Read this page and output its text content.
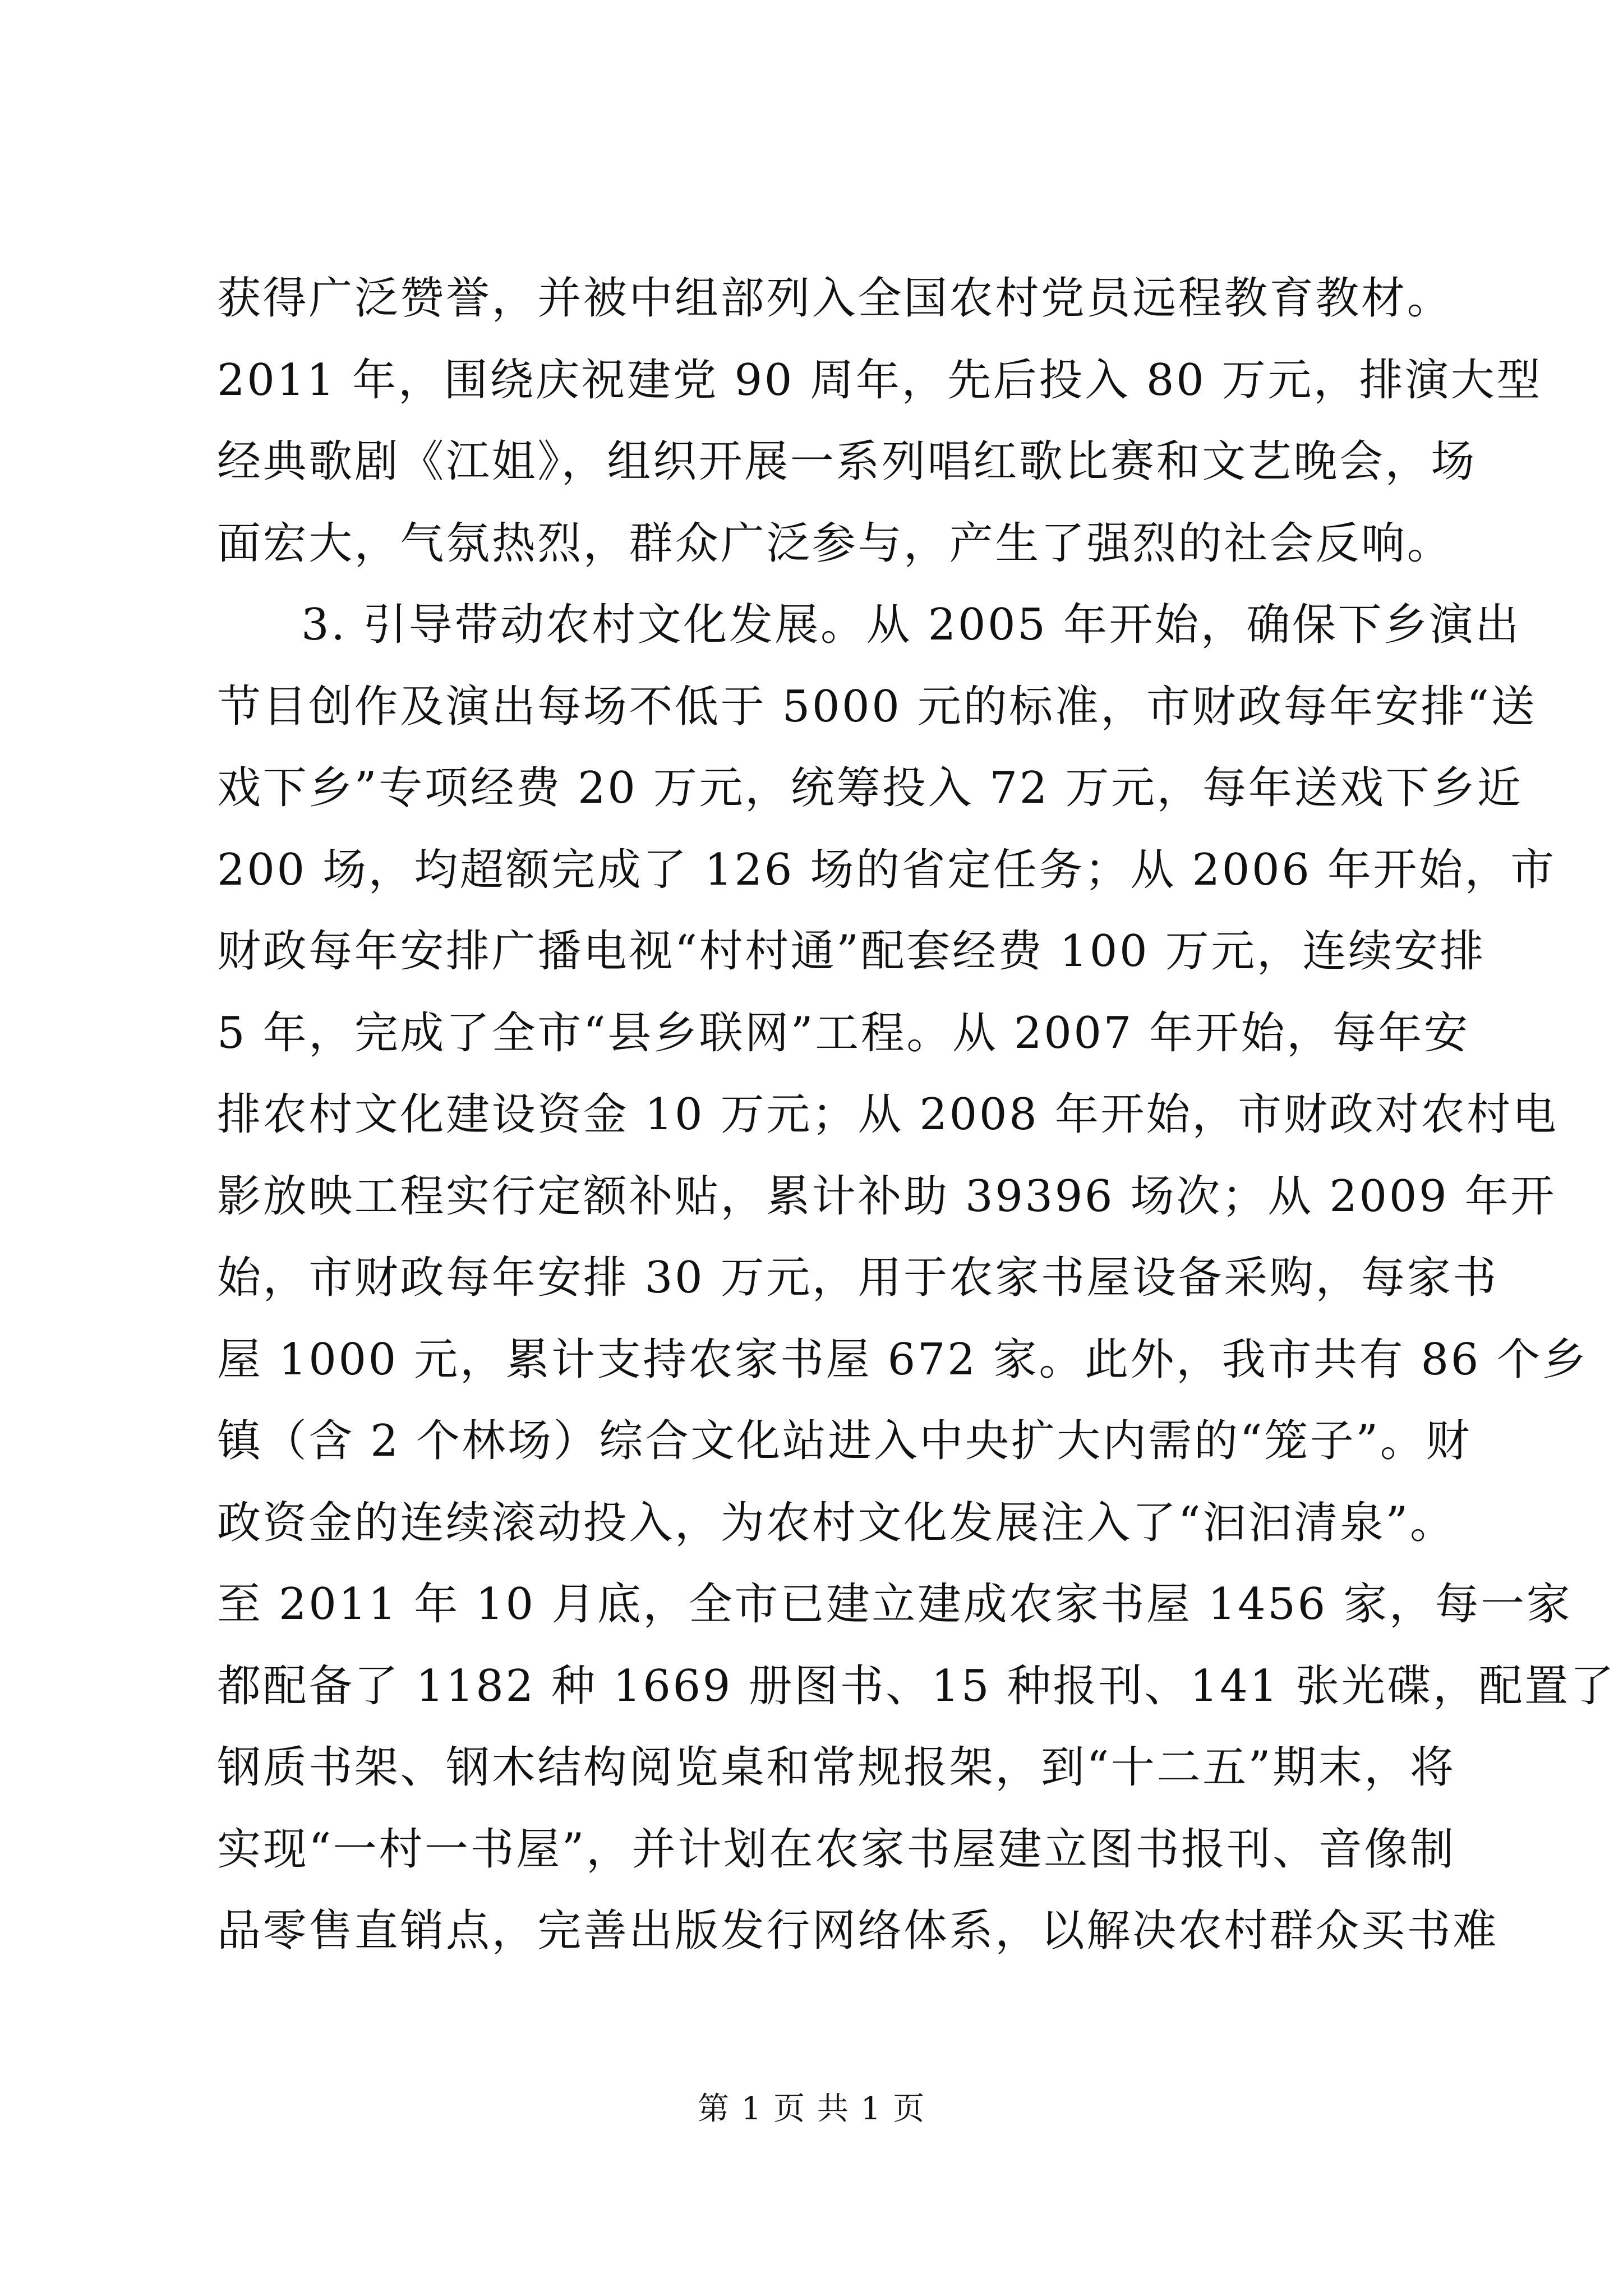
获得广泛赞誉，并被中组部列入全国农村党员远程教育教材。
2011 年，围绕庆祝建党 90 周年，先后投入 80 万元，排演大型
经典歌剧《江姐》，组织开展一系列唱红歌比赛和文艺晚会，场
面宏大，气氛热烈，群众广泛参与，产生了强烈的社会反响。
3. 引导带动农村文化发展。从 2005 年开始，确保下乡演出
节目创作及演出每场不低于 5000 元的标准，市财政每年安排“送
戏下乡”专项经费 20 万元，统筹投入 72 万元，每年送戏下乡近
200 场，均超额完成了 126 场的省定任务；从 2006 年开始，市
财政每年安排广播电视“村村通”配套经费 100 万元，连续安排
5 年，完成了全市“县乡联网”工程。从 2007 年开始，每年安
排农村文化建设资金 10 万元；从 2008 年开始，市财政对农村电
影放映工程实行定额补贴，累计补助 39396 场次；从 2009 年开
始，市财政每年安排 30 万元，用于农家书屋设备采购，每家书
屋 1000 元，累计支持农家书屋 672 家。此外，我市共有 86 个乡
镇（含 2 个林场）综合文化站进入中央扩大内需的“笼子”。财
政资金的连续滚动投入，为农村文化发展注入了“汩汩清泉”。
至 2011 年 10 月底，全市已建立建成农家书屋 1456 家，每一家
都配备了 1182 种 1669 册图书、15 种报刊、141 张光碟，配置了
钢质书架、钢木结构阅览桌和常规报架，到“十二五”期末，将
实现“一村一书屋”，并计划在农家书屋建立图书报刊、音像制
品零售直销点，完善出版发行网络体系，以解决农村群众买书难
第 1 页 共 1 页
